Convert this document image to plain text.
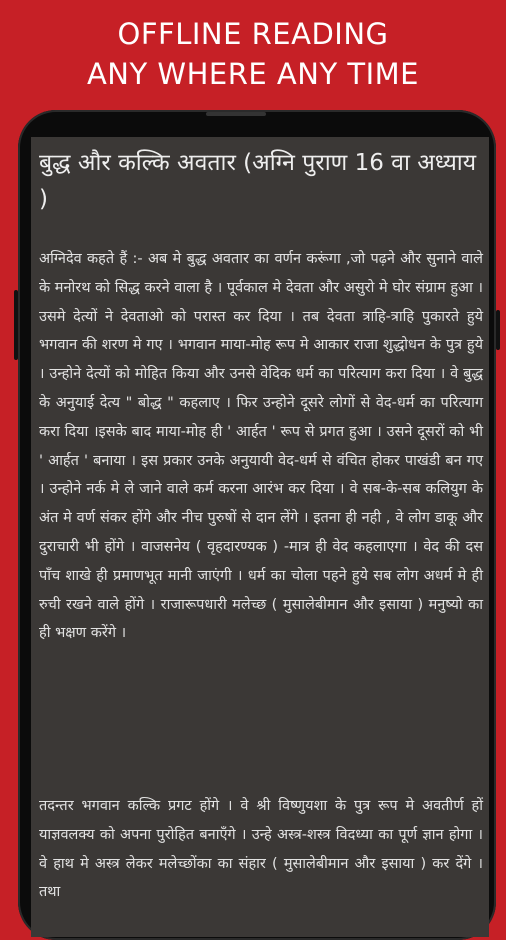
OFFLINE READING
ANY WHERE ANY TIME
बुद्ध और कल्कि अवतार (अग्नि पुराण 16 वा अध्याय )
अग्निदेव कहते हैं :- अब मे बुद्ध अवतार का वर्णन करूंगा ,जो पढ़ने और सुनाने वाले के मनोरथ को सिद्ध करने वाला है । पूर्वकाल मे देवता और असुरो मे घोर संग्राम हुआ । उसमे देत्यों ने देवताओ को परास्त कर दिया । तब देवता त्राहि-त्राहि पुकारते हुये भगवान की शरण मे गए । भगवान माया-मोह रूप मे आकार राजा शुद्धोधन के पुत्र हुये । उन्होने देत्यों को मोहित किया और उनसे वेदिक धर्म का परित्याग करा दिया । वे बुद्ध के अनुयाई देत्य " बोद्ध " कहलाए । फिर उन्होने दूसरे लोगों से वेद-धर्म का परित्याग करा दिया ।इसके बाद माया-मोह ही ' आर्हत ' रूप से प्रगत हुआ । उसने दूसरों को भी ' आर्हत ' बनाया । इस प्रकार उनके अनुयायी वेद-धर्म से वंचित होकर पाखंडी बन गए । उन्होने नर्क मे ले जाने वाले कर्म करना आरंभ कर दिया । वे सब-के-सब कलियुग के अंत मे वर्ण संकर होंगे और नीच पुरुषों से दान लेंगे । इतना ही नही , वे लोग डाकू और दुराचारी भी होंगे । वाजसनेय ( वृहदारण्यक ) -मात्र ही वेद कहलाएगा । वेद की दस पाँच शाखे ही प्रमाणभूत मानी जाएंगी । धर्म का चोला पहने हुये सब लोग अधर्म मे ही रुची रखने वाले होंगे । राजारूपधारी मलेच्छ ( मुसालेबीमान और इसाया ) मनुष्यो का ही भक्षण करेंगे ।
तदन्तर भगवान कल्कि प्रगट होंगे । वे श्री विष्णुयशा के पुत्र रूप मे अवतीर्ण हों याज्ञवलक्य को अपना पुरोहित बनाएँगे । उन्हे अस्त्र-शस्त्र विदध्या का पूर्ण ज्ञान होगा । वे हाथ मे अस्त्र लेकर मलेच्छोंका का संहार ( मुसालेबीमान और इसाया ) कर देंगे । तथा
